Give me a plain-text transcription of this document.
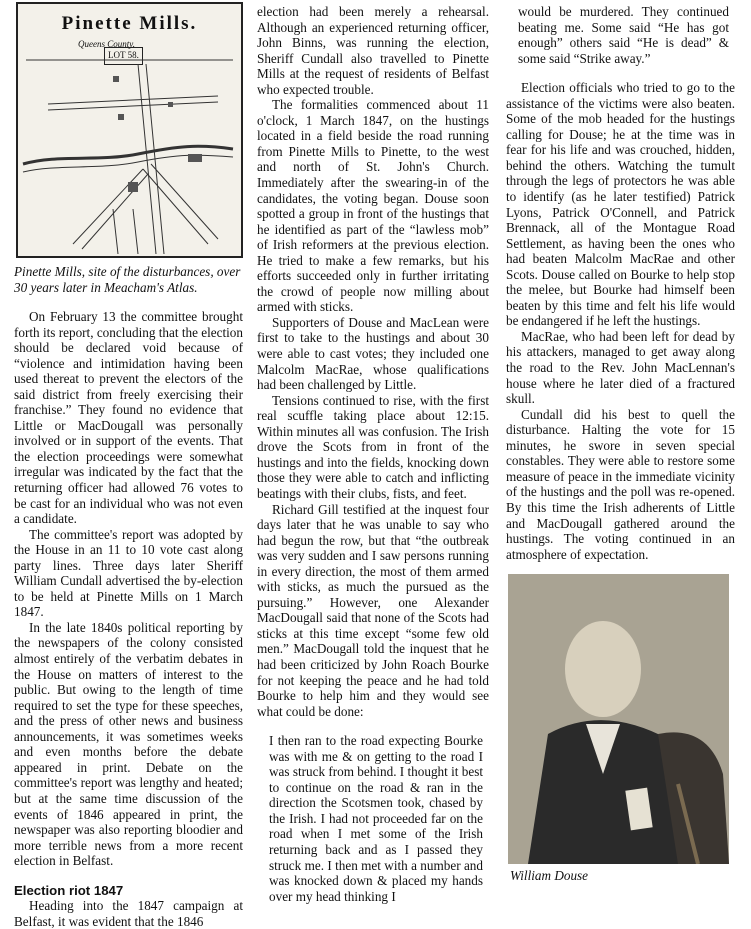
Pinette Mills.
Queens County.
LOT 58.

Pinette Mills, site of the disturbances, over 30 years later in Meacham's Atlas.

On February 13 the committee brought forth its report, concluding that the election should be declared void because of “violence and intimidation having been used thereat to prevent the electors of the said district from freely exercising their franchise.” They found no evidence that Little or MacDougall was personally involved or in support of the events. That the election proceedings were somewhat irregular was indicated by the fact that the returning officer had allowed 76 votes to be cast for an individual who was not even a candidate.

The committee's report was adopted by the House in an 11 to 10 vote cast along party lines. Three days later Sheriff William Cundall advertised the by-election to be held at Pinette Mills on 1 March 1847.

In the late 1840s political reporting by the newspapers of the colony consisted almost entirely of the verbatim debates in the House on matters of interest to the public. But owing to the length of time required to set the type for these speeches, and the press of other news and business announcements, it was sometimes weeks and even months before the debate appeared in print. Debate on the committee's report was lengthy and heated; but at the same time discussion of the events of 1846 appeared in print, the newspaper was also reporting bloodier and more terrible news from a more recent election in Belfast.

Election riot 1847

Heading into the 1847 campaign at Belfast, it was evident that the 1846

election had been merely a rehearsal. Although an experienced returning officer, John Binns, was running the election, Sheriff Cundall also travelled to Pinette Mills at the request of residents of Belfast who expected trouble.

The formalities commenced about 11 o'clock, 1 March 1847, on the hustings located in a field beside the road running from Pinette Mills to Pinette, to the west and north of St. John's Church. Immediately after the swearing-in of the candidates, the voting began. Douse soon spotted a group in front of the hustings that he identified as part of the “lawless mob” of Irish reformers at the previous election. He tried to make a few remarks, but his efforts succeeded only in further irritating the crowd of people now milling about armed with sticks.

Supporters of Douse and MacLean were first to take to the hustings and about 30 were able to cast votes; they included one Malcolm MacRae, whose qualifications had been challenged by Little.

Tensions continued to rise, with the first real scuffle taking place about 12:15. Within minutes all was confusion. The Irish drove the Scots from in front of the hustings and into the fields, knocking down those they were able to catch and inflicting beatings with their clubs, fists, and feet.

Richard Gill testified at the inquest four days later that he was unable to say who had begun the row, but that “the outbreak was very sudden and I saw persons running in every direction, the most of them armed with sticks, as much the pursued as the pursuing.” However, one Alexander MacDougall said that none of the Scots had sticks at this time except “some few old men.” MacDougall told the inquest that he had been criticized by John Roach Bourke for not keeping the peace and he had told Bourke to help him and they would see what could be done:

I then ran to the road expecting Bourke was with me & on getting to the road I was struck from behind. I thought it best to continue on the road & ran in the direction the Scotsmen took, chased by the Irish. I had not proceeded far on the road when I met some of the Irish returning back and as I passed they struck me. I then met with a number and was knocked down & placed my hands over my head thinking I

would be murdered. They continued beating me. Some said “He has got enough” others said “He is dead” & some said “Strike away.”

Election officials who tried to go to the assistance of the victims were also beaten. Some of the mob headed for the hustings calling for Douse; he at the time was in fear for his life and was crouched, hidden, behind the others. Watching the tumult through the legs of protectors he was able to identify (as he later testified) Patrick Lyons, Patrick O'Connell, and Patrick Brennack, all of the Montague Road Settlement, as having been the ones who had beaten Malcolm MacRae and other Scots. Douse called on Bourke to help stop the melee, but Bourke had himself been beaten by this time and felt his life would be endangered if he left the hustings.

MacRae, who had been left for dead by his attackers, managed to get away along the road to the Rev. John MacLennan's house where he later died of a fractured skull.

Cundall did his best to quell the disturbance. Halting the vote for 15 minutes, he swore in seven special constables. They were able to restore some measure of peace in the immediate vicinity of the hustings and the poll was re-opened. By this time the Irish adherents of Little and MacDougall gathered around the hustings. The voting continued in an atmosphere of expectation.

William Douse
